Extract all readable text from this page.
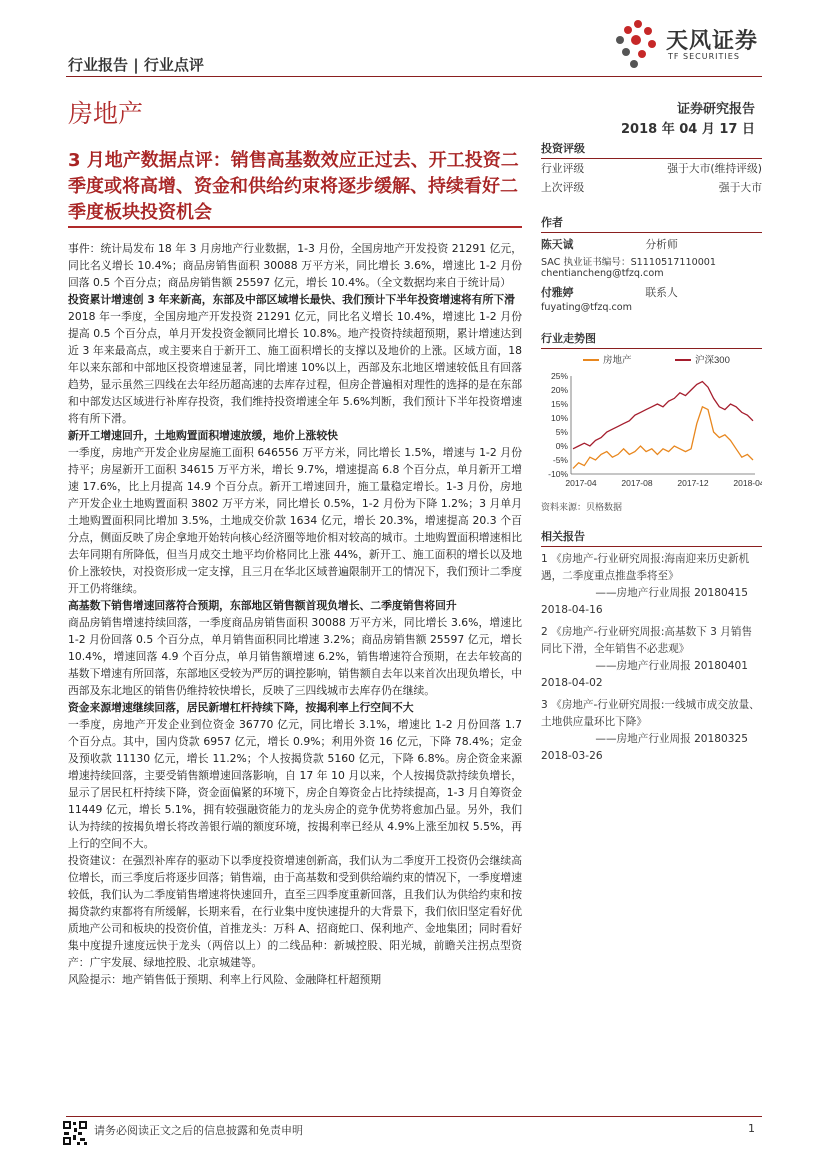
行业报告 | 行业点评
天风证券
TF SECURITIES
房地产	证券研究报告
2018 年 04 月 17 日
3 月地产数据点评：销售高基数效应正过去、开工投资二季度或将高增、资金和供给约束将逐步缓解、持续看好二季度板块投资机会

事件：统计局发布 18 年 3 月房地产行业数据，1-3 月份，全国房地产开发投资 21291 亿元，同比名义增长 10.4%；商品房销售面积 30088 万平方米，同比增长 3.6%，增速比 1-2 月份回落 0.5 个百分点；商品房销售额 25597 亿元，增长 10.4%。（全文数据均来自于统计局）

投资累计增速创 3 年来新高，东部及中部区域增长最快、我们预计下半年投资增速将有所下滑

2018 年一季度，全国房地产开发投资 21291 亿元，同比名义增长 10.4%，增速比 1-2 月份提高 0.5 个百分点，单月开发投资金额同比增长 10.8%。地产投资持续超预期，累计增速达到近 3 年来最高点，或主要来自于新开工、施工面积增长的支撑以及地价的上涨。区域方面，18 年以来东部和中部地区投资增速显著，同比增速 10%以上，西部及东北地区增速较低且有回落趋势，显示虽然三四线在去年经历超高速的去库存过程，但房企普遍相对理性的选择的是在东部和中部发达区域进行补库存投资，我们维持投资增速全年 5.6%判断，我们预计下半年投资增速将有所下滑。

新开工增速回升，土地购置面积增速放缓，地价上涨较快

一季度，房地产开发企业房屋施工面积 646556 万平方米，同比增长 1.5%，增速与 1-2 月份持平；房屋新开工面积 34615 万平方米，增长 9.7%，增速提高 6.8 个百分点，单月新开工增速 17.6%，比上月提高 14.9 个百分点。新开工增速回升，施工量稳定增长。1-3 月份，房地产开发企业土地购置面积 3802 万平方米，同比增长 0.5%，1-2 月份为下降 1.2%；3 月单月土地购置面积同比增加 3.5%，土地成交价款 1634 亿元，增长 20.3%，增速提高 20.3 个百分点，侧面反映了房企拿地开始转向核心经济圈等地价相对较高的城市。土地购置面积增速相比去年同期有所降低，但当月成交土地平均价格同比上涨 44%，新开工、施工面积的增长以及地价上涨较快，对投资形成一定支撑，且三月在华北区域普遍限制开工的情况下，我们预计二季度开工仍将继续。

高基数下销售增速回落符合预期，东部地区销售额首现负增长、二季度销售将回升

商品房销售增速持续回落，一季度商品房销售面积 30088 万平方米，同比增长 3.6%，增速比 1-2 月份回落 0.5 个百分点，单月销售面积同比增速 3.2%；商品房销售额 25597 亿元，增长 10.4%，增速回落 4.9 个百分点，单月销售额增速 6.2%，销售增速符合预期，在去年较高的基数下增速有所回落，东部地区受较为严厉的调控影响，销售额自去年以来首次出现负增长，中西部及东北地区的销售仍维持较快增长，反映了三四线城市去库存仍在继续。

资金来源增速继续回落，居民新增杠杆持续下降，按揭利率上行空间不大

一季度，房地产开发企业到位资金 36770 亿元，同比增长 3.1%，增速比 1-2 月份回落 1.7 个百分点。其中，国内贷款 6957 亿元，增长 0.9%；利用外资 16 亿元，下降 78.4%；定金及预收款 11130 亿元，增长 11.2%；个人按揭贷款 5160 亿元，下降 6.8%。房企资金来源增速持续回落，主要受销售额增速回落影响，自 17 年 10 月以来，个人按揭贷款持续负增长，显示了居民杠杆持续下降，资金面偏紧的环境下，房企自筹资金占比持续提高，1-3 月自筹资金 11449 亿元，增长 5.1%，拥有较强融资能力的龙头房企的竞争优势将愈加凸显。另外，我们认为持续的按揭负增长将改善银行端的额度环境，按揭利率已经从 4.9%上涨至加权 5.5%，再上行的空间不大。

投资建议：在强烈补库存的驱动下以季度投资增速创新高，我们认为二季度开工投资仍会继续高位增长，而三季度后将逐步回落；销售端，由于高基数和受到供给端约束的情况下，一季度增速较低，我们认为二季度销售增速将快速回升，直至三四季度重新回落，且我们认为供给约束和按揭贷款约束都将有所缓解，长期来看，在行业集中度快速提升的大背景下，我们依旧坚定看好优质地产公司和板块的投资价值，首推龙头：万科 A、招商蛇口、保利地产、金地集团；同时看好集中度提升速度远快于龙头（两倍以上）的二线品种：新城控股、阳光城，前瞻关注拐点型资产：广宇发展、绿地控股、北京城建等。

风险提示：地产销售低于预期、利率上行风险、金融降杠杆超预期

投资评级
行业评级	强于大市(维持评级)
上次评级	强于大市
作者
陈天诚	分析师
SAC 执业证书编号：S1110517110001
chentiancheng@tfzq.com
付雅婷	联系人
fuyating@tfzq.com
行业走势图
房地产	沪深300
-10%
-5%
0%
5%
10%
15%
20%
25%
2017-04	2017-08	2017-12	2018-04
资料来源：贝格数据
相关报告
1 《房地产-行业研究周报:海南迎来历史新机遇，二季度重点推盘季将至》
——房地产行业周报 20180415
2018-04-16
2 《房地产-行业研究周报:高基数下 3 月销售同比下滑，全年销售不必悲观》
——房地产行业周报 20180401
2018-04-02
3 《房地产-行业研究周报:一线城市成交放量、土地供应量环比下降》
——房地产行业周报 20180325
2018-03-26
请务必阅读正文之后的信息披露和免责申明	1
